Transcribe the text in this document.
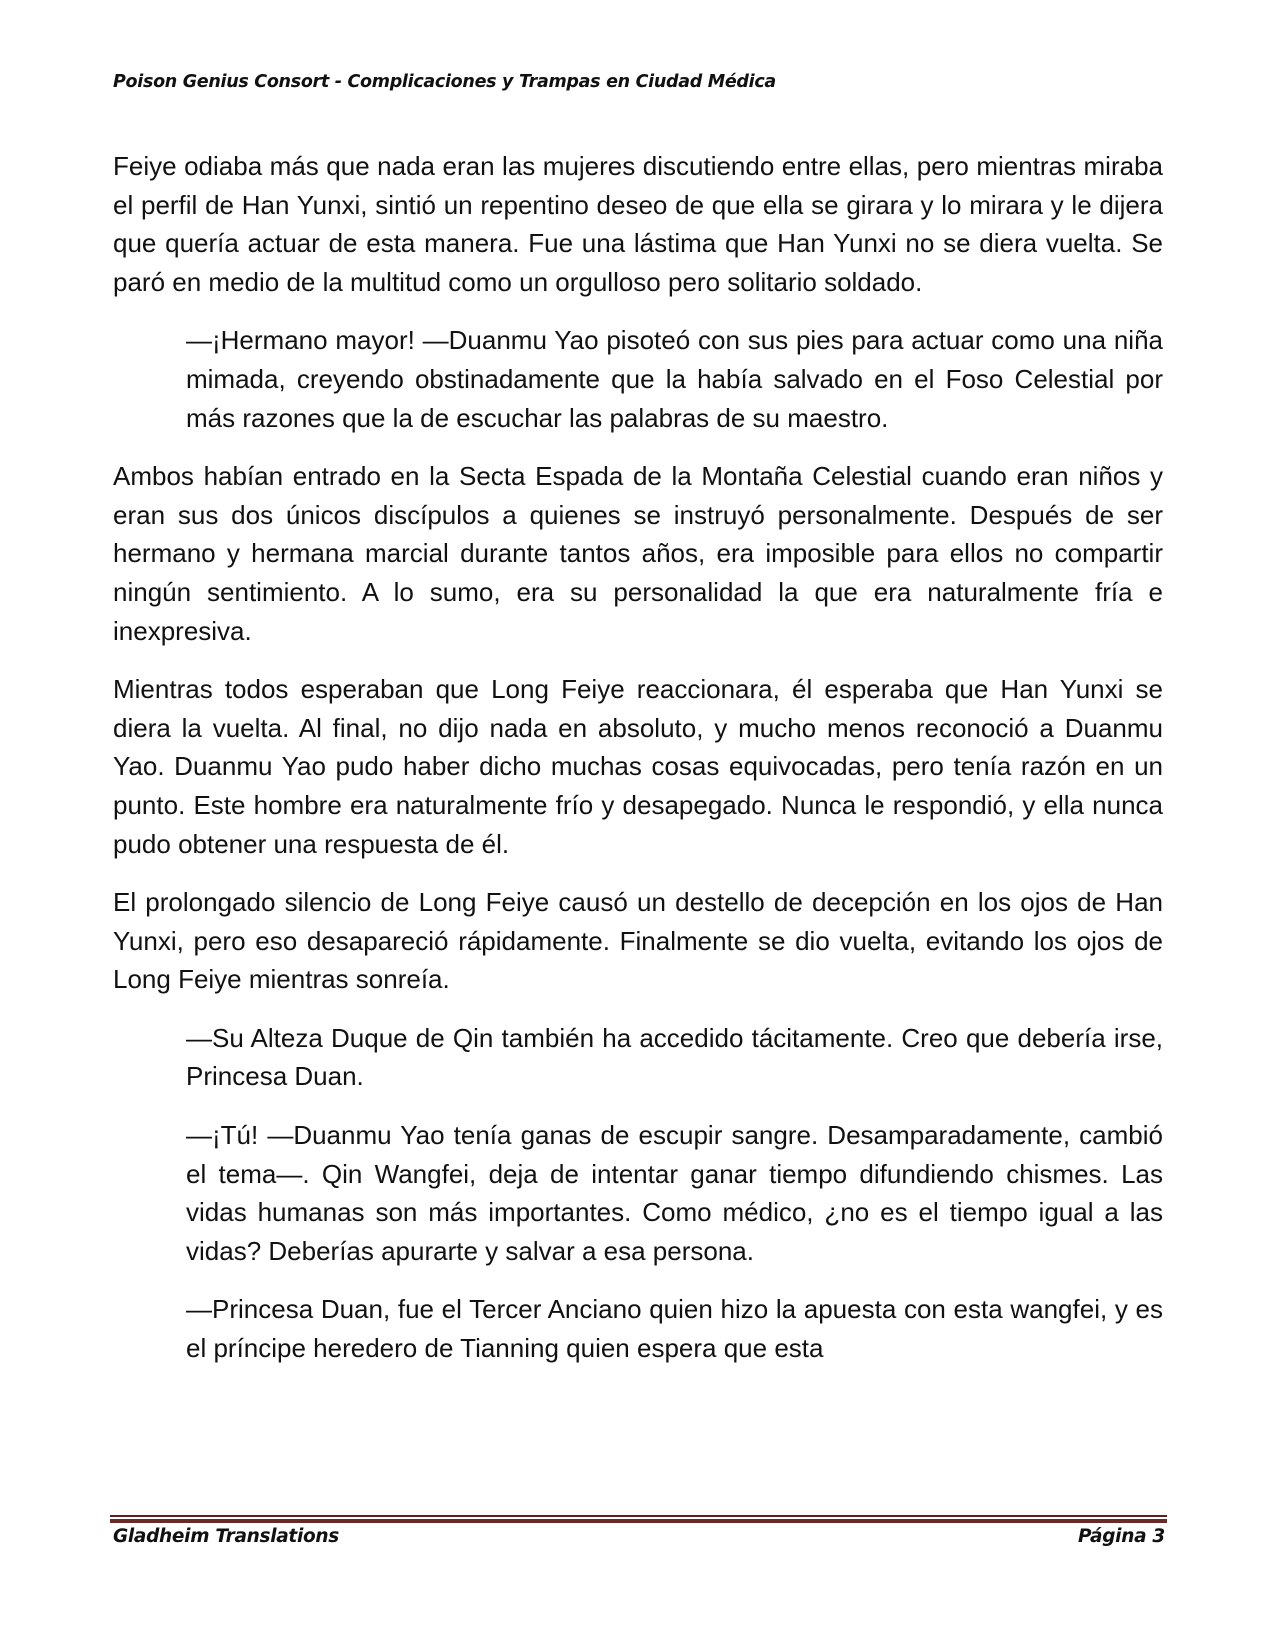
Poison Genius Consort - Complicaciones y Trampas en Ciudad Médica

Feiye odiaba más que nada eran las mujeres discutiendo entre ellas, pero mientras miraba el perfil de Han Yunxi, sintió un repentino deseo de que ella se girara y lo mirara y le dijera que quería actuar de esta manera. Fue una lástima que Han Yunxi no se diera vuelta. Se paró en medio de la multitud como un orgulloso pero solitario soldado.

—¡Hermano mayor! —Duanmu Yao pisoteó con sus pies para actuar como una niña mimada, creyendo obstinadamente que la había salvado en el Foso Celestial por más razones que la de escuchar las palabras de su maestro.

Ambos habían entrado en la Secta Espada de la Montaña Celestial cuando eran niños y eran sus dos únicos discípulos a quienes se instruyó personalmente. Después de ser hermano y hermana marcial durante tantos años, era imposible para ellos no compartir ningún sentimiento. A lo sumo, era su personalidad la que era naturalmente fría e inexpresiva.

Mientras todos esperaban que Long Feiye reaccionara, él esperaba que Han Yunxi se diera la vuelta. Al final, no dijo nada en absoluto, y mucho menos reconoció a Duanmu Yao. Duanmu Yao pudo haber dicho muchas cosas equivocadas, pero tenía razón en un punto. Este hombre era naturalmente frío y desapegado. Nunca le respondió, y ella nunca pudo obtener una respuesta de él.

El prolongado silencio de Long Feiye causó un destello de decepción en los ojos de Han Yunxi, pero eso desapareció rápidamente. Finalmente se dio vuelta, evitando los ojos de Long Feiye mientras sonreía.

—Su Alteza Duque de Qin también ha accedido tácitamente. Creo que debería irse, Princesa Duan.

—¡Tú! —Duanmu Yao tenía ganas de escupir sangre. Desamparadamente, cambió el tema—. Qin Wangfei, deja de intentar ganar tiempo difundiendo chismes. Las vidas humanas son más importantes. Como médico, ¿no es el tiempo igual a las vidas? Deberías apurarte y salvar a esa persona.

—Princesa Duan, fue el Tercer Anciano quien hizo la apuesta con esta wangfei, y es el príncipe heredero de Tianning quien espera que esta

Gladheim Translations	Página 3
